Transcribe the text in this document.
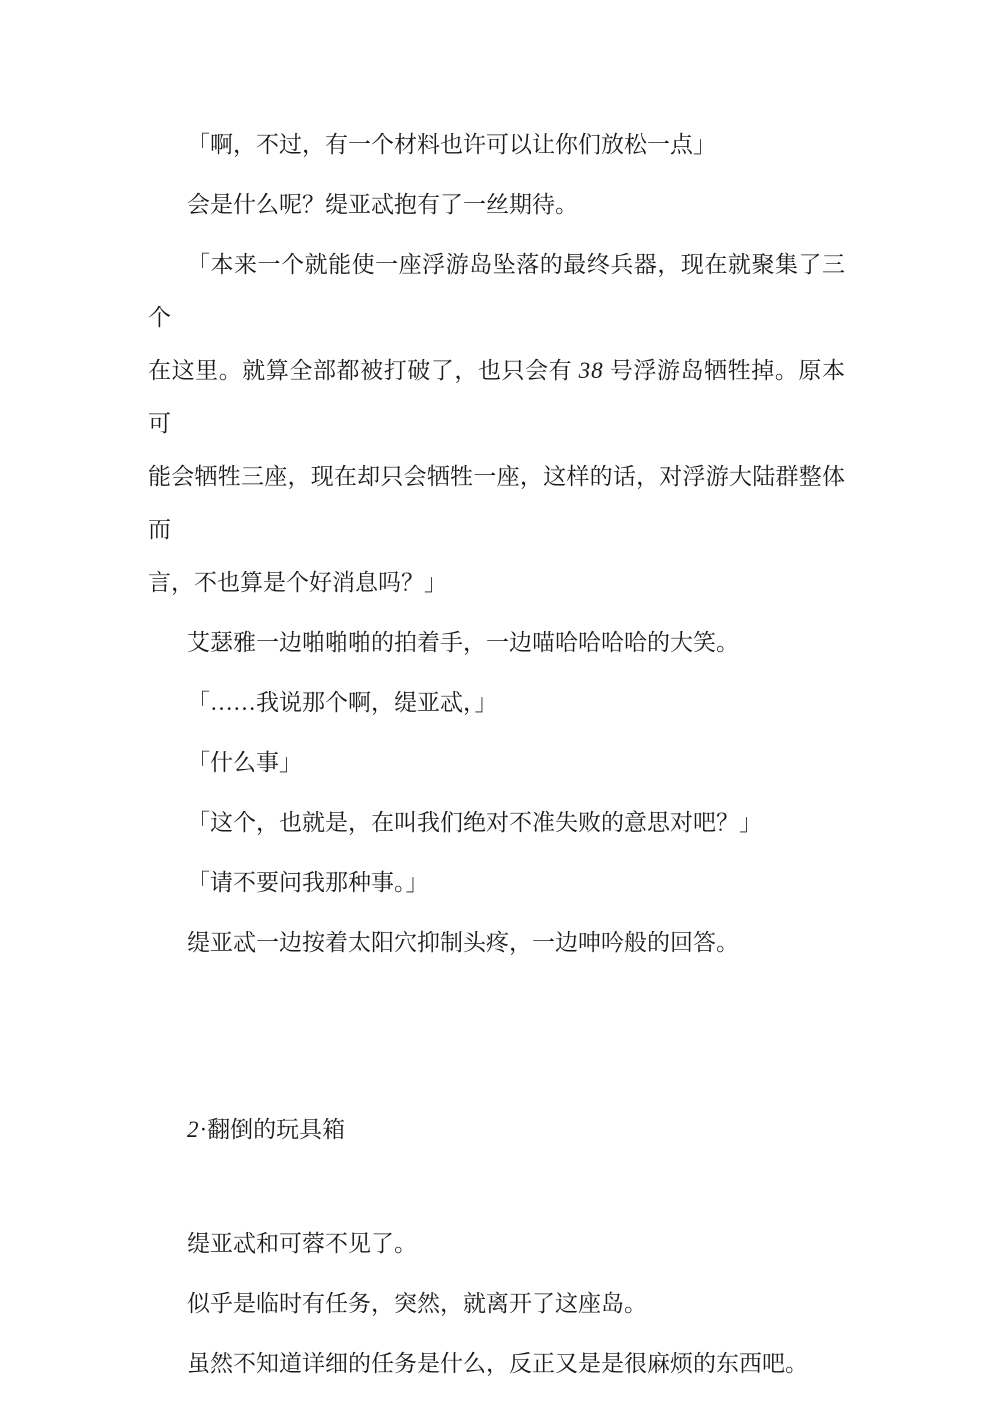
「啊，不过，有一个材料也许可以让你们放松一点」

会是什么呢？缇亚忒抱有了一丝期待。

「本来一个就能使一座浮游岛坠落的最终兵器，现在就聚集了三个
在这里。就算全部都被打破了，也只会有 38 号浮游岛牺牲掉。原本可
能会牺牲三座，现在却只会牺牲一座，这样的话，对浮游大陆群整体而
言，不也算是个好消息吗？」

艾瑟雅一边啪啪啪的拍着手，一边喵哈哈哈哈的大笑。

「……我说那个啊，缇亚忒，」

「什么事」

「这个，也就是，在叫我们绝对不准失败的意思对吧？」

「请不要问我那种事。」

缇亚忒一边按着太阳穴抑制头疼，一边呻吟般的回答。

2·翻倒的玩具箱

缇亚忒和可蓉不见了。

似乎是临时有任务，突然，就离开了这座岛。

虽然不知道详细的任务是什么，反正又是是很麻烦的东西吧。
